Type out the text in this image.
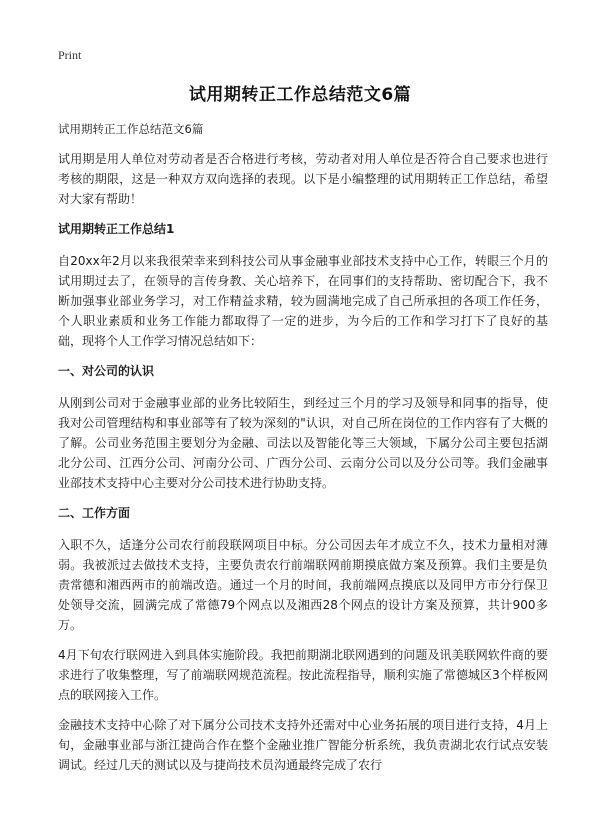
Print
试用期转正工作总结范文6篇

试用期转正工作总结范文6篇

试用期是用人单位对劳动者是否合格进行考核，劳动者对用人单位是否符合自己要求也进行考核的期限，这是一种双方双向选择的表现。以下是小编整理的试用期转正工作总结，希望对大家有帮助！

试用期转正工作总结1

自20xx年2月以来我很荣幸来到科技公司从事金融事业部技术支持中心工作，转眼三个月的试用期过去了，在领导的言传身教、关心培养下，在同事们的支持帮助、密切配合下，我不断加强事业部业务学习，对工作精益求精，较为圆满地完成了自己所承担的各项工作任务，个人职业素质和业务工作能力都取得了一定的进步，为今后的工作和学习打下了良好的基础，现将个人工作学习情况总结如下：

一、对公司的认识

从刚到公司对于金融事业部的业务比较陌生，到经过三个月的学习及领导和同事的指导，使我对公司管理结构和事业部等有了较为深刻的"认识，对自己所在岗位的工作内容有了大概的了解。公司业务范围主要划分为金融、司法以及智能化等三大领域，下属分公司主要包括湖北分公司、江西分公司、河南分公司、广西分公司、云南分公司以及分公司等。我们金融事业部技术支持中心主要对分公司技术进行协助支持。

二、工作方面

入职不久，适逢分公司农行前段联网项目中标。分公司因去年才成立不久，技术力量相对薄弱。我被派过去做技术支持，主要负责农行前端联网前期摸底做方案及预算。我们主要是负责常德和湘西两市的前端改造。通过一个月的时间，我前端网点摸底以及同甲方市分行保卫处领导交流，圆满完成了常德79个网点以及湘西28个网点的设计方案及预算，共计900多万。

4月下旬农行联网进入到具体实施阶段。我把前期湖北联网遇到的问题及讯美联网软件商的要求进行了收集整理，写了前端联网规范流程。按此流程指导，顺利实施了常德城区3个样板网点的联网接入工作。

金融技术支持中心除了对下属分公司技术支持外还需对中心业务拓展的项目进行支持，4月上旬，金融事业部与浙江捷尚合作在整个金融业推广智能分析系统，我负责湖北农行试点安装调试。经过几天的测试以及与捷尚技术员沟通最终完成了农行
